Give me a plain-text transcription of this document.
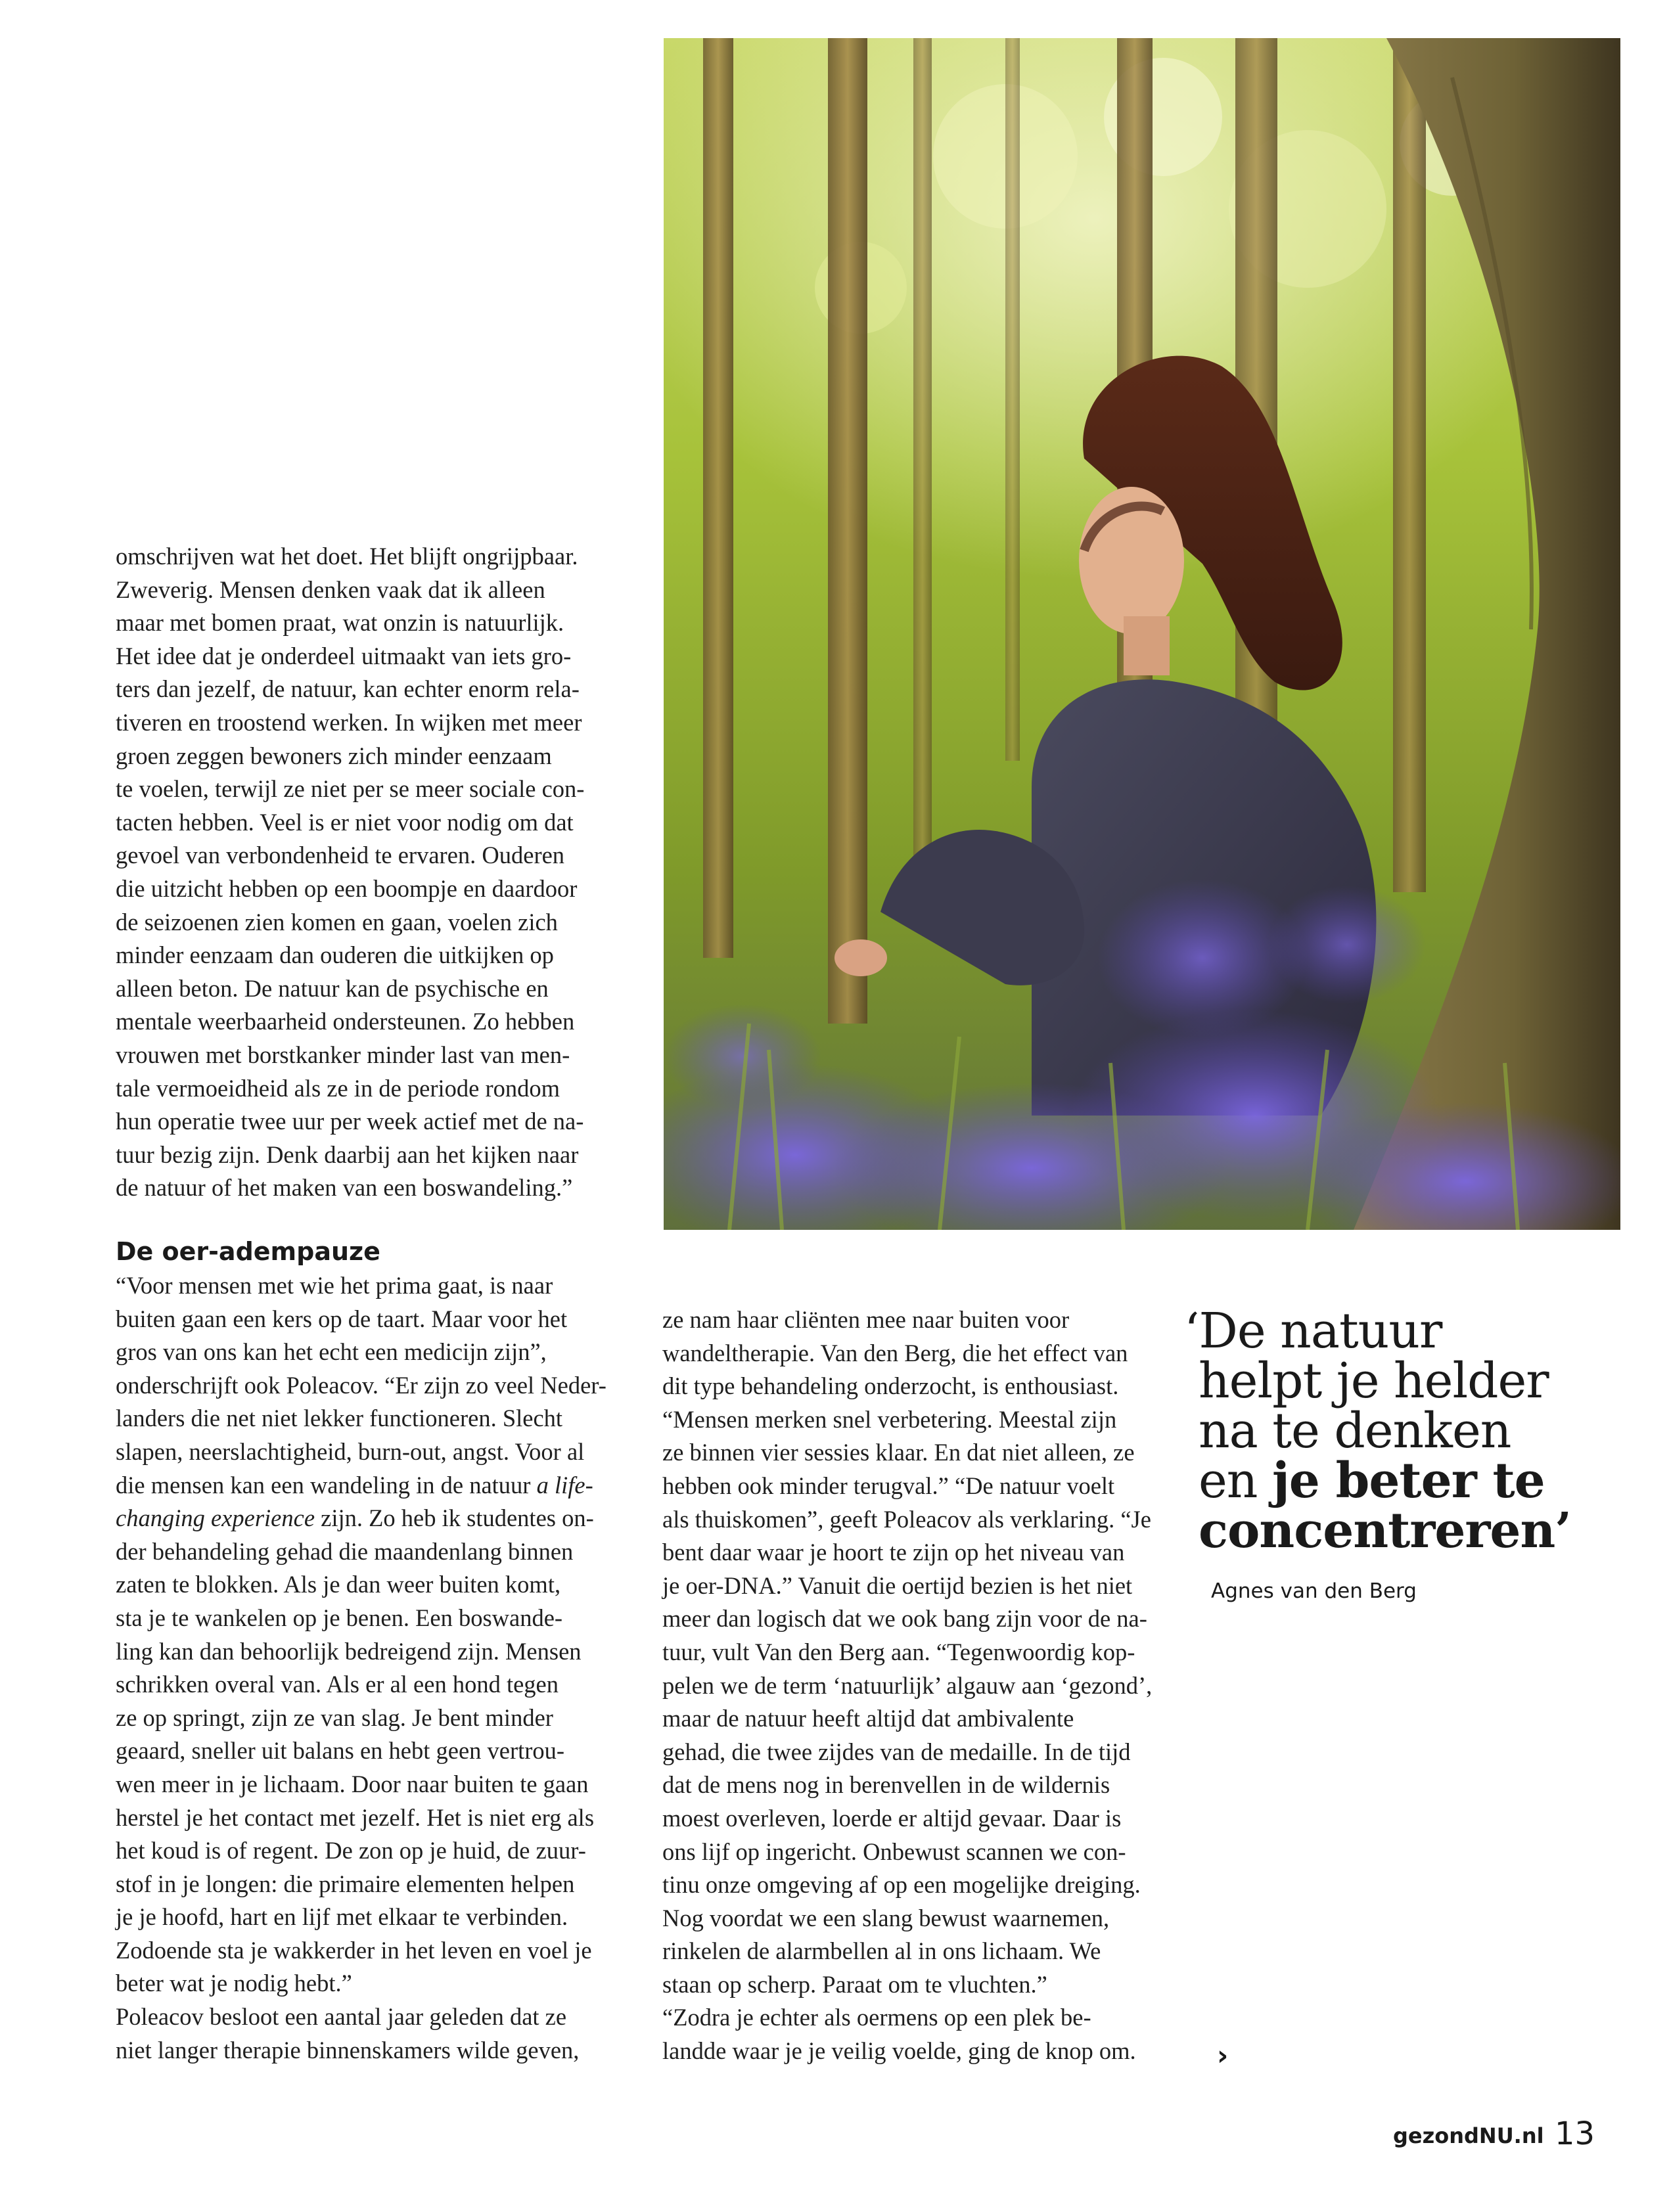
omschrijven wat het doet. Het blijft ongrijpbaar.
Zweverig. Mensen denken vaak dat ik alleen
maar met bomen praat, wat onzin is natuurlijk.
Het idee dat je onderdeel uitmaakt van iets gro-
ters dan jezelf, de natuur, kan echter enorm rela-
tiveren en troostend werken. In wijken met meer
groen zeggen bewoners zich minder eenzaam
te voelen, terwijl ze niet per se meer sociale con-
tacten hebben. Veel is er niet voor nodig om dat
gevoel van verbondenheid te ervaren. Ouderen
die uitzicht hebben op een boompje en daardoor
de seizoenen zien komen en gaan, voelen zich
minder eenzaam dan ouderen die uitkijken op
alleen beton. De natuur kan de psychische en
mentale weerbaarheid ondersteunen. Zo hebben
vrouwen met borstkanker minder last van men-
tale vermoeidheid als ze in de periode rondom
hun operatie twee uur per week actief met de na-
tuur bezig zijn. Denk daarbij aan het kijken naar
de natuur of het maken van een boswandeling.”
De oer-adempauze
“Voor mensen met wie het prima gaat, is naar
buiten gaan een kers op de taart. Maar voor het
gros van ons kan het echt een medicijn zijn”,
onderschrijft ook Poleacov. “Er zijn zo veel Neder-
landers die net niet lekker functioneren. Slecht
slapen, neerslachtigheid, burn-out, angst. Voor al
die mensen kan een wandeling in de natuur a life-
changing experience zijn. Zo heb ik studentes on-
der behandeling gehad die maandenlang binnen
zaten te blokken. Als je dan weer buiten komt,
sta je te wankelen op je benen. Een boswande-
ling kan dan behoorlijk bedreigend zijn. Mensen
schrikken overal van. Als er al een hond tegen
ze op springt, zijn ze van slag. Je bent minder
geaard, sneller uit balans en hebt geen vertrou-
wen meer in je lichaam. Door naar buiten te gaan
herstel je het contact met jezelf. Het is niet erg als
het koud is of regent. De zon op je huid, de zuur-
stof in je longen: die primaire elementen helpen
je je hoofd, hart en lijf met elkaar te verbinden.
Zodoende sta je wakkerder in het leven en voel je
beter wat je nodig hebt.”
Poleacov besloot een aantal jaar geleden dat ze
niet langer therapie binnenskamers wilde geven,
ze nam haar cliënten mee naar buiten voor
wandeltherapie. Van den Berg, die het effect van
dit type behandeling onderzocht, is enthousiast.
“Mensen merken snel verbetering. Meestal zijn
ze binnen vier sessies klaar. En dat niet alleen, ze
hebben ook minder terugval.” “De natuur voelt
als thuiskomen”, geeft Poleacov als verklaring. “Je
bent daar waar je hoort te zijn op het niveau van
je oer-DNA.” Vanuit die oertijd bezien is het niet
meer dan logisch dat we ook bang zijn voor de na-
tuur, vult Van den Berg aan. “Tegenwoordig kop-
pelen we de term ‘natuurlijk’ algauw aan ‘gezond’,
maar de natuur heeft altijd dat ambivalente
gehad, die twee zijdes van de medaille. In de tijd
dat de mens nog in berenvellen in de wildernis
moest overleven, loerde er altijd gevaar. Daar is
ons lijf op ingericht. Onbewust scannen we con-
tinu onze omgeving af op een mogelijke dreiging.
Nog voordat we een slang bewust waarnemen,
rinkelen de alarmbellen al in ons lichaam. We
staan op scherp. Paraat om te vluchten.”
“Zodra je echter als oermens op een plek be-
landde waar je je veilig voelde, ging de knop om.
‘De natuur
helpt je helder
na te denken
en je beter te
concentreren’
Agnes van den Berg
›
gezondNU.nl 13
